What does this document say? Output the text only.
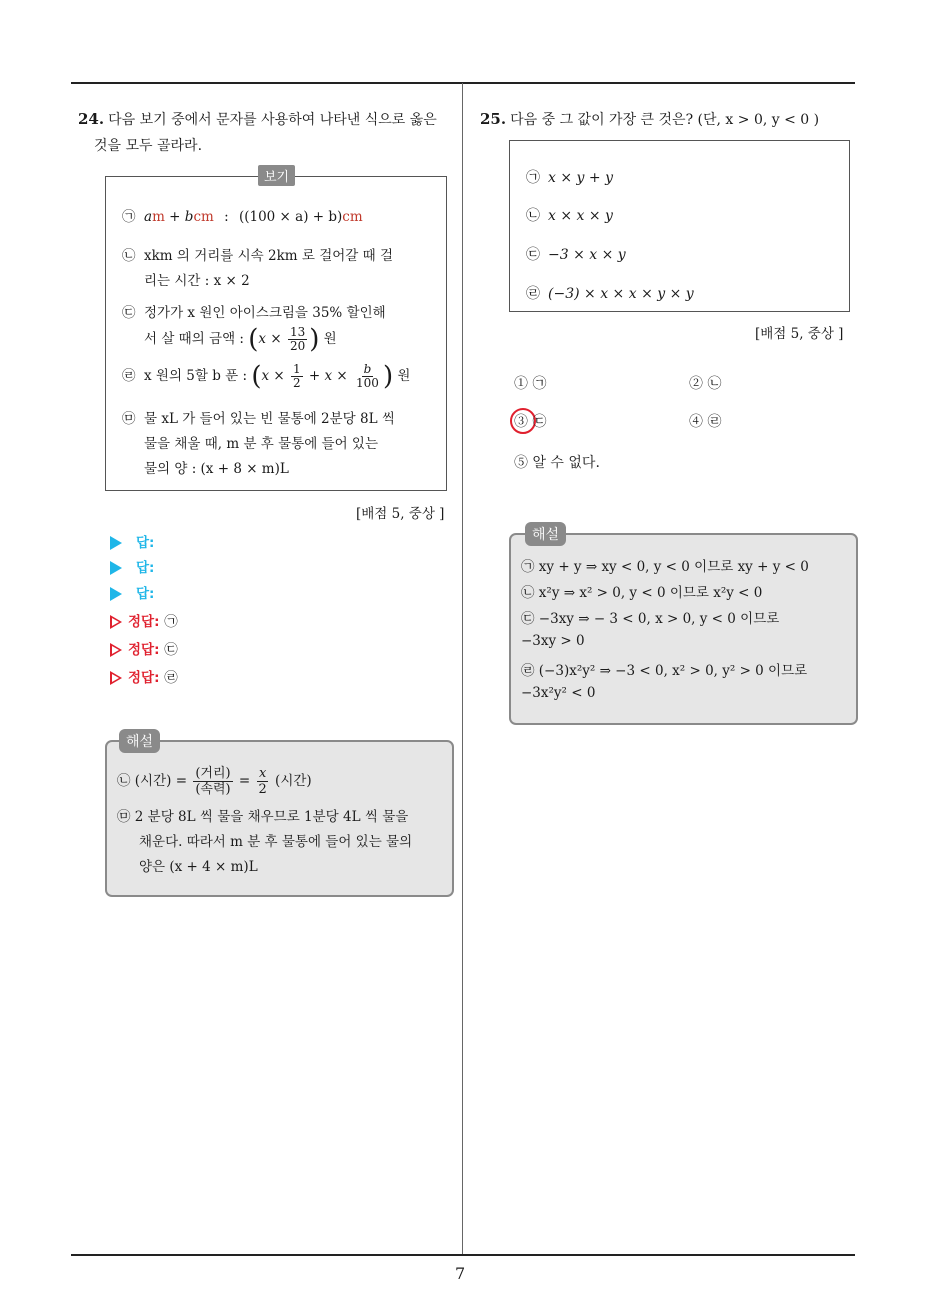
7
24. 다음 보기 중에서 문자를 사용하여 나타낸 식으로 옳은
것을 모두 골라라.
보기
㉠ am + bcm : ((100 × a) + b)cm
㉡ xkm 의 거리를 시속 2km 로 걸어갈 때 걸
리는 시간 : x × 2
㉢ 정가가 x 원인 아이스크림을 35% 할인해
서 살 때의 금액 : ($x \times \frac{13}{20}$ ) 원
㉣ x 원의 5할 b 푼 : ($x \times \frac{1}{2} + x \times \frac{b}{100}$ ) 원
㉤ 물 xL 가 들어 있는 빈 물통에 2분당 8L 씩
물을 채울 때, m 분 후 물통에 들어 있는
물의 양 : (x + 8 × m)L
[배점 5, 중상 ]
답:
답:
답:
정답: ㉠
정답: ㉢
정답: ㉣
해설
㉡ (시간) = $\frac{\text{(거리)}}{\text{(속력)}} = \frac{x}{2}$ (시간)
㉤ 2 분당 8L 씩 물을 채우므로 1분당 4L 씩 물을
채운다. 따라서 m 분 후 물통에 들어 있는 물의
양은 (x + 4 × m)L
25. 다음 중 그 값이 가장 큰 것은? (단, x > 0, y < 0 )
㉠ x × y + y
㉡ x × x × y
㉢ −3 × x × y
㉣ (−3) × x × x × y × y
[배점 5, 중상 ]
① ㉠	② ㉡
③ ㉢	④ ㉣
⑤ 알 수 없다.
해설
㉠ xy + y ⇒ xy < 0, y < 0 이므로 xy + y < 0
㉡ x²y ⇒ x² > 0, y < 0 이므로 x²y < 0
㉢ −3xy ⇒ − 3 < 0, x > 0, y < 0 이므로
−3xy > 0
㉣ (−3)x²y² ⇒ −3 < 0, x² > 0, y² > 0 이므로
−3x²y² < 0
